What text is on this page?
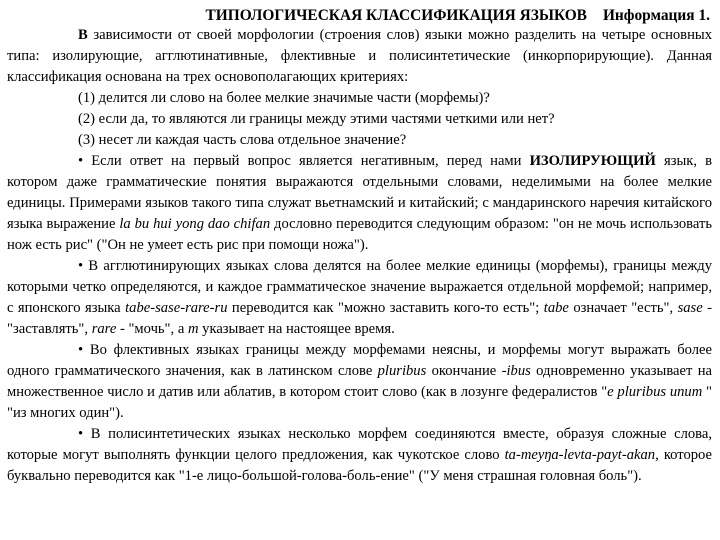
ТИПОЛОГИЧЕСКАЯ КЛАССИФИКАЦИЯ ЯЗЫКОВ Информация 1.

В зависимости от своей морфологии (строения слов) языки можно разделить на четыре основных типа: изолирующие, агглютинативные, флективные и полисинтетические (инкорпорирующие). Данная классификация основана на трех основополагающих критериях:

(1) делится ли слово на более мелкие значимые части (морфемы)?

(2) если да, то являются ли границы между этими частями четкими или нет?

(3) несет ли каждая часть слова отдельное значение?

• Если ответ на первый вопрос является негативным, перед нами ИЗОЛИРУЮЩИЙ язык, в котором даже грамматические понятия выражаются отдельными словами, неделимыми на более мелкие единицы. Примерами языков такого типа служат вьетнамский и китайский; с мандаринского наречия китайского языка выражение la bu hui yong dao chifan дословно переводится следующим образом: "он не мочь использовать нож есть рис" ("Он не умеет есть рис при помощи ножа").

• В агглютинирующих языках слова делятся на более мелкие единицы (морфемы), границы между которыми четко определяются, и каждое грамматическое значение выражается отдельной морфемой; например, с японского языка tabe-sase-rare-ru переводится как "можно заставить кого-то есть"; tabe означает "есть", sase - "заставлять", rare - "мочь", а m указывает на настоящее время.

• Во флективных языках границы между морфемами неясны, и морфемы могут выражать более одного грамматического значения, как в латинском слове pluribus окончание -ibus одновременно указывает на множественное число и датив или аблатив, в котором стоит слово (как в лозунге федералистов "e pluribus unum " "из многих один").

• В полисинтетических языках несколько морфем соединяются вместе, образуя сложные слова, которые могут выполнять функции целого предложения, как чукотское слово tɑ-meyŋɑ-levtɑ-pɑyt-ɑkɑn, которое буквально переводится как "1-е лицо-большой-голова-боль-ение" ("У меня страшная головная боль").
